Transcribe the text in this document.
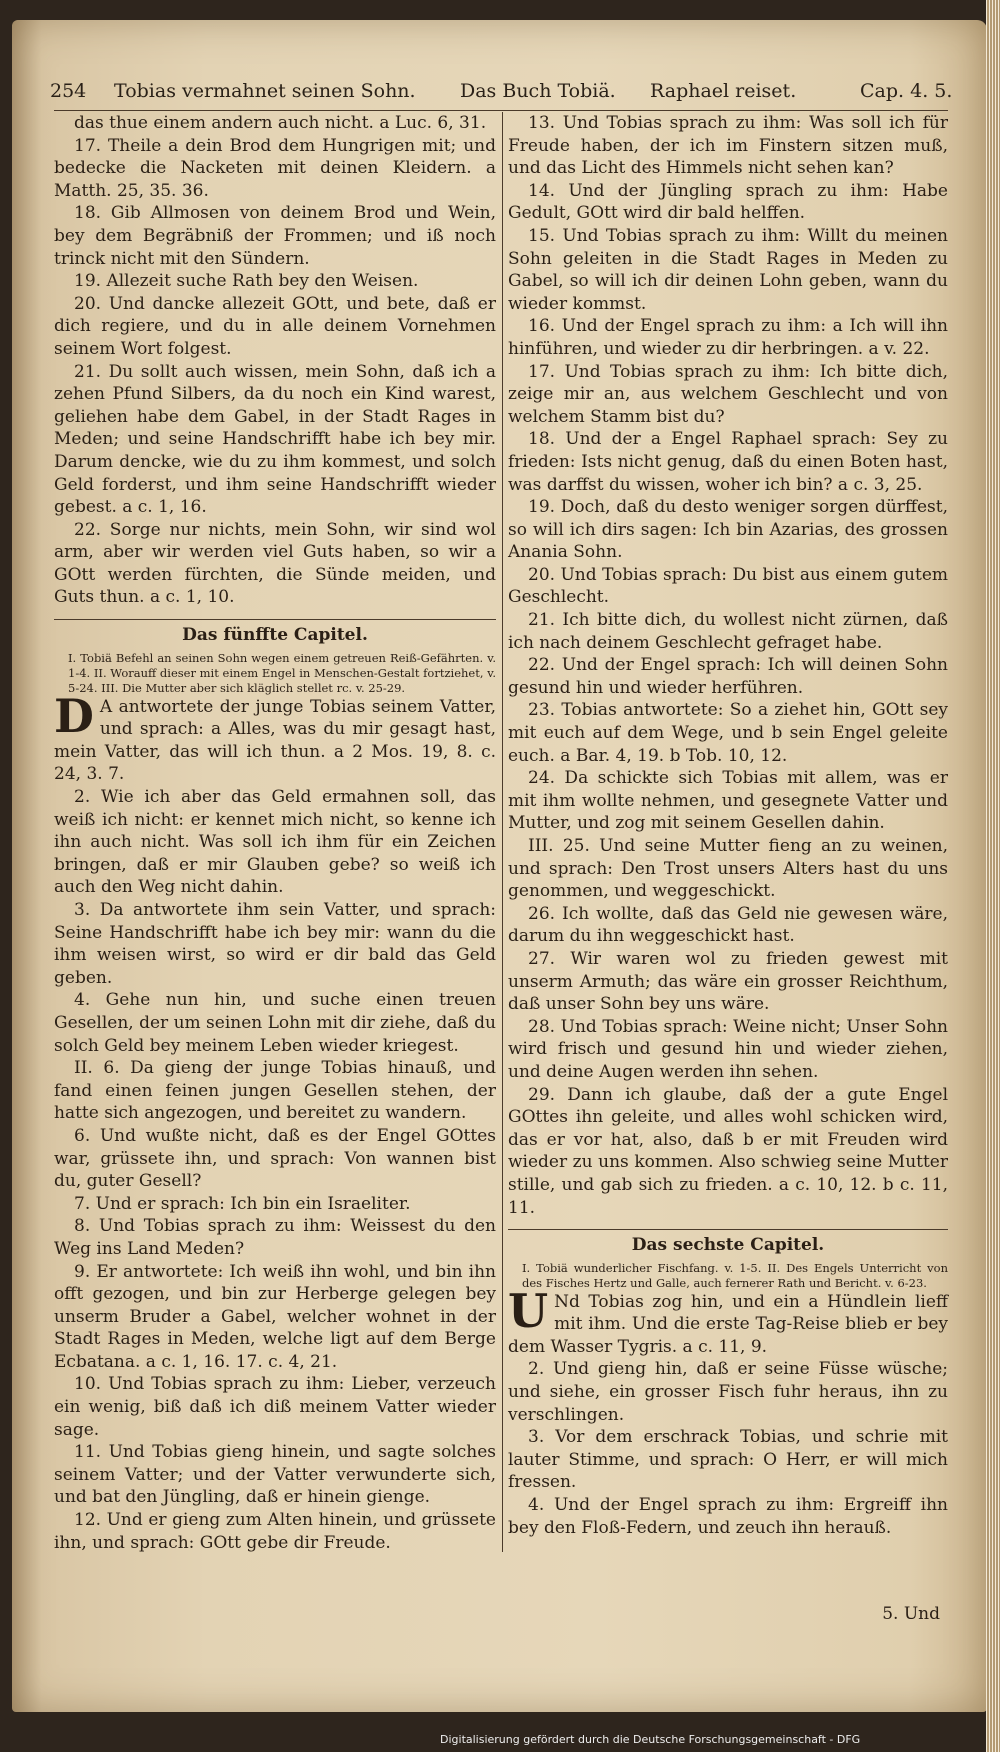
254 Tobias vermahnet seinen Sohn. Das Buch Tobiä. Raphael reiset.	Cap. 4. 5.

das thue einem andern auch nicht. a Luc. 6, 31.

17. Theile a dein Brod dem Hungrigen mit; und bedecke die Nacketen mit deinen Kleidern. a Matth. 25, 35. 36.

18. Gib Allmosen von deinem Brod und Wein, bey dem Begräbniß der Frommen; und iß noch trinck nicht mit den Sündern.

19. Allezeit suche Rath bey den Weisen.

20. Und dancke allezeit GOtt, und bete, daß er dich regiere, und du in alle deinem Vornehmen seinem Wort folgest.

21. Du sollt auch wissen, mein Sohn, daß ich a zehen Pfund Silbers, da du noch ein Kind warest, geliehen habe dem Gabel, in der Stadt Rages in Meden; und seine Handschrifft habe ich bey mir. Darum dencke, wie du zu ihm kommest, und solch Geld forderst, und ihm seine Handschrifft wieder gebest. a c. 1, 16.

22. Sorge nur nichts, mein Sohn, wir sind wol arm, aber wir werden viel Guts haben, so wir a GOtt werden fürchten, die Sünde meiden, und Guts thun. a c. 1, 10.

Das fünffte Capitel.

I. Tobiä Befehl an seinen Sohn wegen einem getreuen Reiß-Gefährten. v. 1-4. II. Worauff dieser mit einem Engel in Menschen-Gestalt fortziehet, v. 5-24. III. Die Mutter aber sich kläglich stellet rc. v. 25-29.

D A antwortete der junge Tobias seinem Vatter, und sprach: a Alles, was du mir gesagt hast, mein Vatter, das will ich thun. a 2 Mos. 19, 8. c. 24, 3. 7.

2. Wie ich aber das Geld ermahnen soll, das weiß ich nicht: er kennet mich nicht, so kenne ich ihn auch nicht. Was soll ich ihm für ein Zeichen bringen, daß er mir Glauben gebe? so weiß ich auch den Weg nicht dahin.

3. Da antwortete ihm sein Vatter, und sprach: Seine Handschrifft habe ich bey mir: wann du die ihm weisen wirst, so wird er dir bald das Geld geben.

4. Gehe nun hin, und suche einen treuen Gesellen, der um seinen Lohn mit dir ziehe, daß du solch Geld bey meinem Leben wieder kriegest.

II. 6. Da gieng der junge Tobias hinauß, und fand einen feinen jungen Gesellen stehen, der hatte sich angezogen, und bereitet zu wandern.

6. Und wußte nicht, daß es der Engel GOttes war, grüssete ihn, und sprach: Von wannen bist du, guter Gesell?

7. Und er sprach: Ich bin ein Israeliter.

8. Und Tobias sprach zu ihm: Weissest du den Weg ins Land Meden?

9. Er antwortete: Ich weiß ihn wohl, und bin ihn offt gezogen, und bin zur Herberge gelegen bey unserm Bruder a Gabel, welcher wohnet in der Stadt Rages in Meden, welche ligt auf dem Berge Ecbatana. a c. 1, 16. 17. c. 4, 21.

10. Und Tobias sprach zu ihm: Lieber, verzeuch ein wenig, biß daß ich diß meinem Vatter wieder sage.

11. Und Tobias gieng hinein, und sagte solches seinem Vatter; und der Vatter verwunderte sich, und bat den Jüngling, daß er hinein gienge.

12. Und er gieng zum Alten hinein, und grüssete ihn, und sprach: GOtt gebe dir Freude.

13. Und Tobias sprach zu ihm: Was soll ich für Freude haben, der ich im Finstern sitzen muß, und das Licht des Himmels nicht sehen kan?

14. Und der Jüngling sprach zu ihm: Habe Gedult, GOtt wird dir bald helffen.

15. Und Tobias sprach zu ihm: Willt du meinen Sohn geleiten in die Stadt Rages in Meden zu Gabel, so will ich dir deinen Lohn geben, wann du wieder kommst.

16. Und der Engel sprach zu ihm: a Ich will ihn hinführen, und wieder zu dir herbringen. a v. 22.

17. Und Tobias sprach zu ihm: Ich bitte dich, zeige mir an, aus welchem Geschlecht und von welchem Stamm bist du?

18. Und der a Engel Raphael sprach: Sey zu frieden: Ists nicht genug, daß du einen Boten hast, was darffst du wissen, woher ich bin? a c. 3, 25.

19. Doch, daß du desto weniger sorgen dürffest, so will ich dirs sagen: Ich bin Azarias, des grossen Anania Sohn.

20. Und Tobias sprach: Du bist aus einem gutem Geschlecht.

21. Ich bitte dich, du wollest nicht zürnen, daß ich nach deinem Geschlecht gefraget habe.

22. Und der Engel sprach: Ich will deinen Sohn gesund hin und wieder herführen.

23. Tobias antwortete: So a ziehet hin, GOtt sey mit euch auf dem Wege, und b sein Engel geleite euch. a Bar. 4, 19. b Tob. 10, 12.

24. Da schickte sich Tobias mit allem, was er mit ihm wollte nehmen, und gesegnete Vatter und Mutter, und zog mit seinem Gesellen dahin.

III. 25. Und seine Mutter fieng an zu weinen, und sprach: Den Trost unsers Alters hast du uns genommen, und weggeschickt.

26. Ich wollte, daß das Geld nie gewesen wäre, darum du ihn weggeschickt hast.

27. Wir waren wol zu frieden gewest mit unserm Armuth; das wäre ein grosser Reichthum, daß unser Sohn bey uns wäre.

28. Und Tobias sprach: Weine nicht; Unser Sohn wird frisch und gesund hin und wieder ziehen, und deine Augen werden ihn sehen.

29. Dann ich glaube, daß der a gute Engel GOttes ihn geleite, und alles wohl schicken wird, das er vor hat, also, daß b er mit Freuden wird wieder zu uns kommen. Also schwieg seine Mutter stille, und gab sich zu frieden. a c. 10, 12. b c. 11, 11.

Das sechste Capitel.

I. Tobiä wunderlicher Fischfang. v. 1-5. II. Des Engels Unterricht von des Fisches Hertz und Galle, auch fernerer Rath und Bericht. v. 6-23.

U Nd Tobias zog hin, und ein a Hündlein lieff mit ihm. Und die erste Tag-Reise blieb er bey dem Wasser Tygris. a c. 11, 9.

2. Und gieng hin, daß er seine Füsse wüsche; und siehe, ein grosser Fisch fuhr heraus, ihn zu verschlingen.

3. Vor dem erschrack Tobias, und schrie mit lauter Stimme, und sprach: O Herr, er will mich fressen.

4. Und der Engel sprach zu ihm: Ergreiff ihn bey den Floß-Federn, und zeuch ihn herauß.

5. Und
Digitalisierung gefördert durch die Deutsche Forschungsgemeinschaft - DFG
